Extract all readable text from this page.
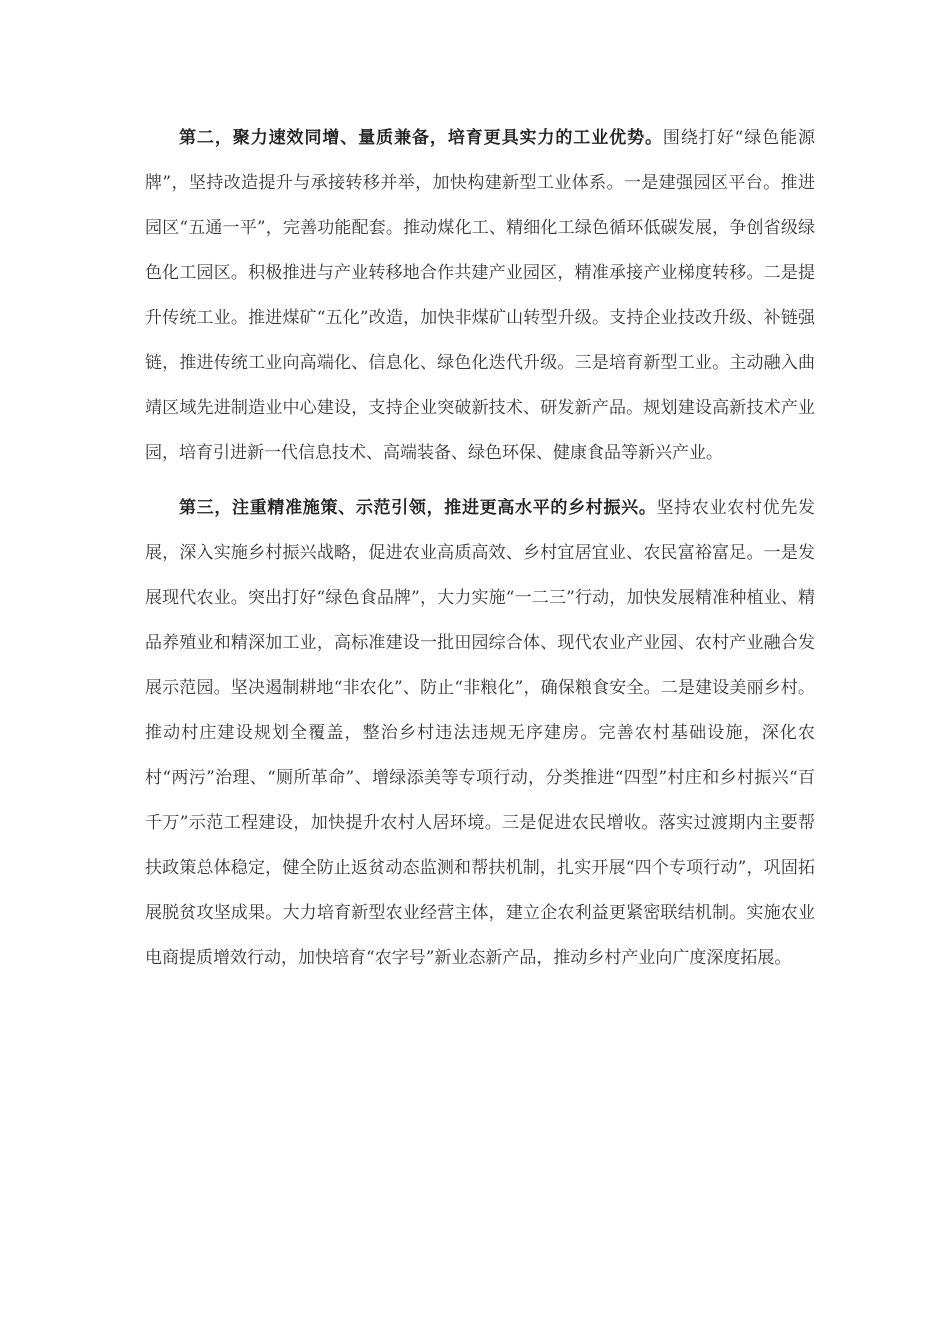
第二，聚力速效同增、量质兼备，培育更具实力的工业优势。围绕打好“绿色能源牌”，坚持改造提升与承接转移并举，加快构建新型工业体系。一是建强园区平台。推进园区“五通一平”，完善功能配套。推动煤化工、精细化工绿色循环低碳发展，争创省级绿色化工园区。积极推进与产业转移地合作共建产业园区，精准承接产业梯度转移。二是提升传统工业。推进煤矿“五化”改造，加快非煤矿山转型升级。支持企业技改升级、补链强链，推进传统工业向高端化、信息化、绿色化迭代升级。三是培育新型工业。主动融入曲靖区域先进制造业中心建设，支持企业突破新技术、研发新产品。规划建设高新技术产业园，培育引进新一代信息技术、高端装备、绿色环保、健康食品等新兴产业。

第三，注重精准施策、示范引领，推进更高水平的乡村振兴。坚持农业农村优先发展，深入实施乡村振兴战略，促进农业高质高效、乡村宜居宜业、农民富裕富足。一是发展现代农业。突出打好“绿色食品牌”，大力实施“一二三”行动，加快发展精准种植业、精品养殖业和精深加工业，高标准建设一批田园综合体、现代农业产业园、农村产业融合发展示范园。坚决遏制耕地“非农化”、防止“非粮化”，确保粮食安全。二是建设美丽乡村。推动村庄建设规划全覆盖，整治乡村违法违规无序建房。完善农村基础设施，深化农村“两污”治理、“厕所革命”、增绿添美等专项行动，分类推进“四型”村庄和乡村振兴“百千万”示范工程建设，加快提升农村人居环境。三是促进农民增收。落实过渡期内主要帮扶政策总体稳定，健全防止返贫动态监测和帮扶机制，扎实开展“四个专项行动”，巩固拓展脱贫攻坚成果。大力培育新型农业经营主体，建立企农利益更紧密联结机制。实施农业电商提质增效行动，加快培育“农字号”新业态新产品，推动乡村产业向广度深度拓展。
